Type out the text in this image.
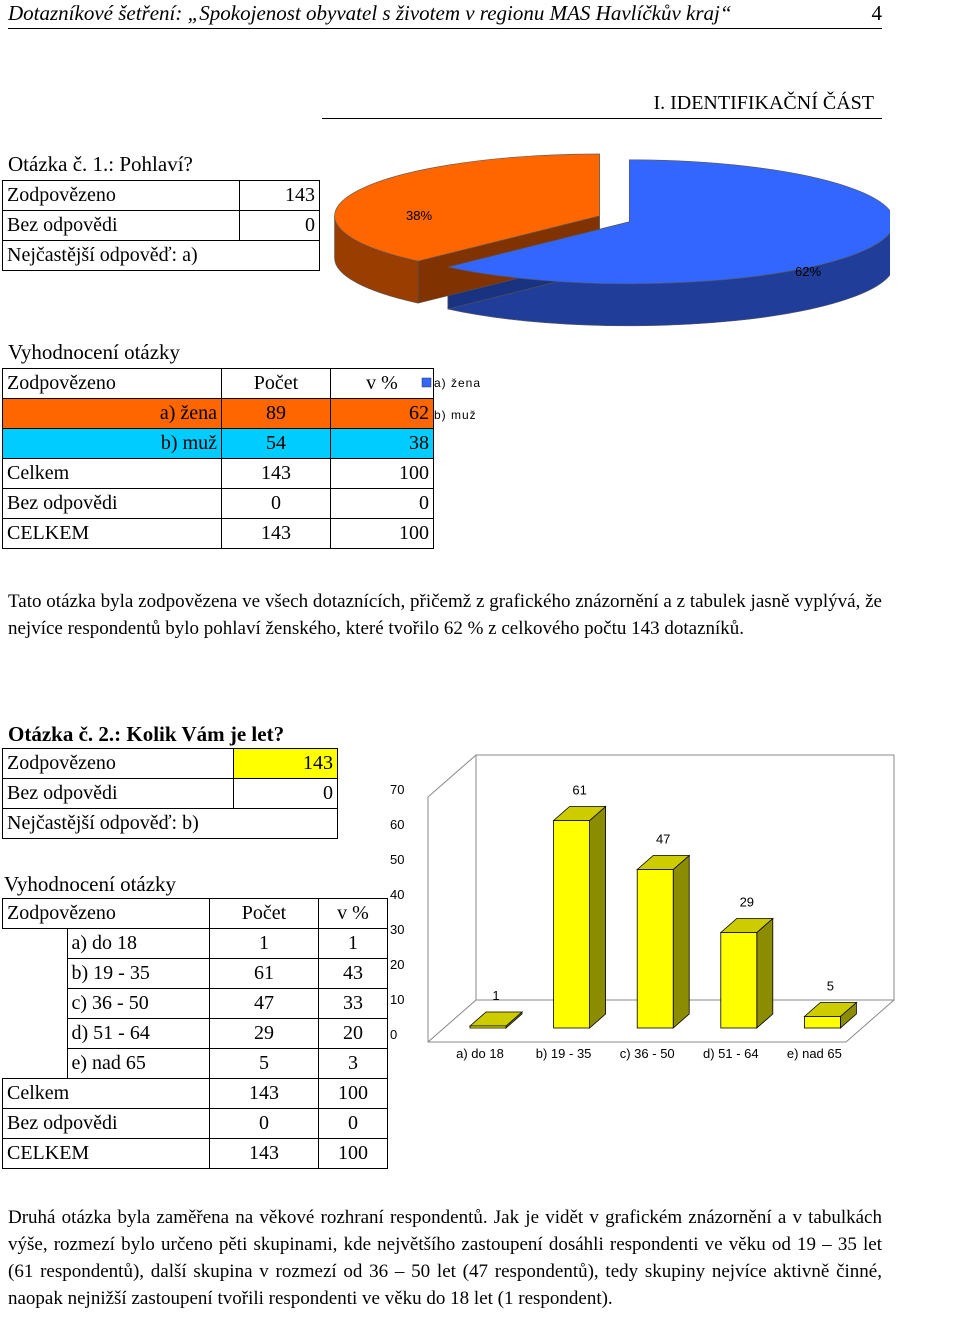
Dotazníkové šetření: „Spokojenost obyvatel s životem v regionu MAS Havlíčkův kraj“	4
I. IDENTIFIKAČNÍ ČÁST
Otázka č. 1.: Pohlaví?
Zodpovězeno	143
Bez odpovědi	0
Nejčastější odpověď: a)	
62%
38%
a) žena
b) muž
Vyhodnocení otázky
Zodpovězeno	Počet	v %
a) žena	89	62
b) muž	54	38
Celkem	143	100
Bez odpovědi	0	0
CELKEM	143	100
Tato otázka byla zodpovězena ve všech dotaznících, přičemž z grafického znázornění a z tabulek jasně vyplývá, že nejvíce respondentů bylo pohlaví ženského, které tvořilo 62 % z celkového počtu 143 dotazníků.
Otázka č. 2.: Kolik Vám je let?
Zodpovězeno	143
Bez odpovědi	0
Nejčastější odpověď: b)	
0
10
20
30
40
50
60
70
1
a) do 18
61
b) 19 - 35
47
c) 36 - 50
29
d) 51 - 64
5
e) nad 65
Vyhodnocení otázky
Zodpovězeno		Počet	v %
	a) do 18	1	1
	b) 19 - 35	61	43
	c) 36 - 50	47	33
	d) 51 - 64	29	20
	e) nad 65	5	3
Celkem		143	100
Bez odpovědi		0	0
CELKEM		143	100
Druhá otázka byla zaměřena na věkové rozhraní respondentů. Jak je vidět v grafickém znázornění a v tabulkách výše, rozmezí bylo určeno pěti skupinami, kde největšího zastoupení dosáhli respondenti ve věku od 19 – 35 let (61 respondentů), další skupina v rozmezí od 36 – 50 let (47 respondentů), tedy skupiny nejvíce aktivně činné, naopak nejnižší zastoupení tvořili respondenti ve věku do 18 let (1 respondent).
